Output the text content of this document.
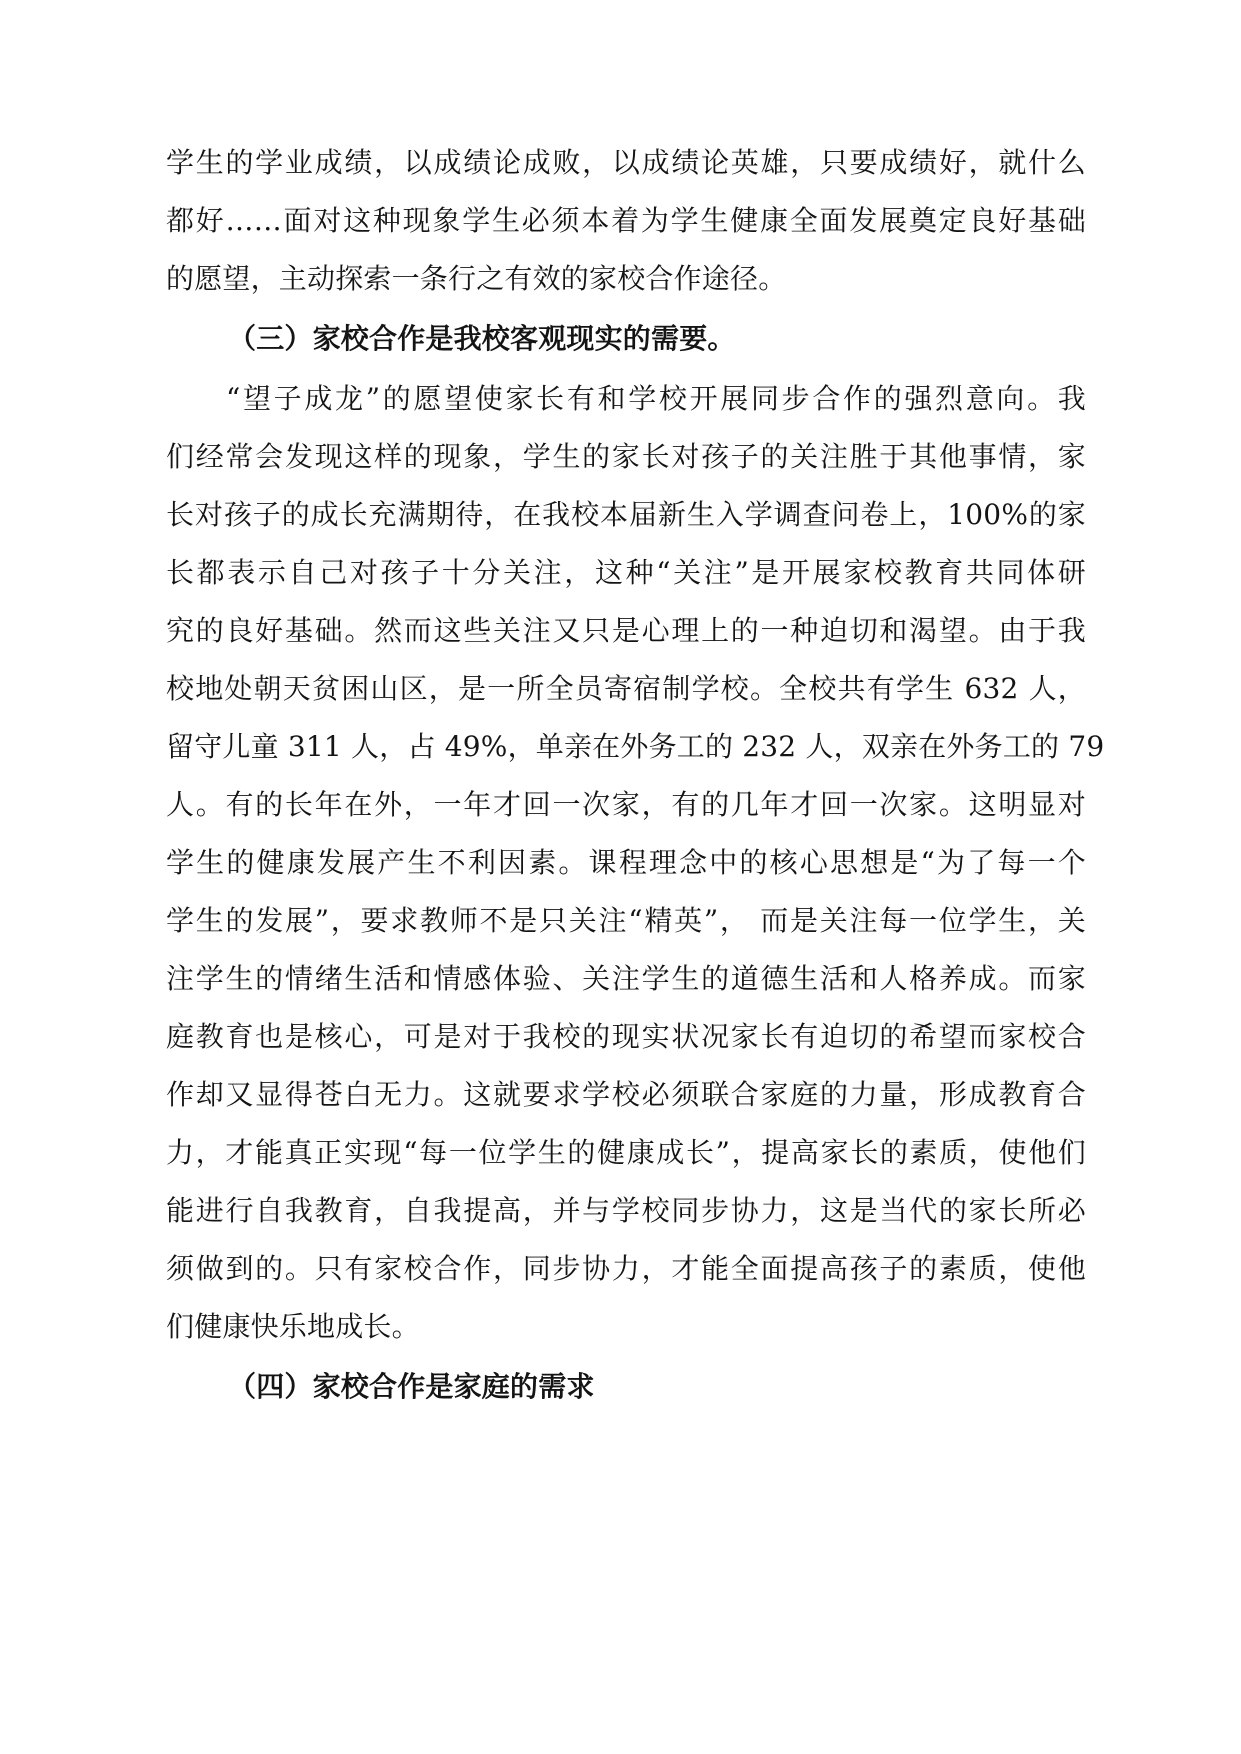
学生的学业成绩，以成绩论成败，以成绩论英雄，只要成绩好，就什么
都好……面对这种现象学生必须本着为学生健康全面发展奠定良好基础
的愿望，主动探索一条行之有效的家校合作途径。
（三）家校合作是我校客观现实的需要。
“望子成龙”的愿望使家长有和学校开展同步合作的强烈意向。我
们经常会发现这样的现象，学生的家长对孩子的关注胜于其他事情，家
长对孩子的成长充满期待，在我校本届新生入学调查问卷上，100%的家
长都表示自己对孩子十分关注，这种“关注”是开展家校教育共同体研
究的良好基础。然而这些关注又只是心理上的一种迫切和渴望。由于我
校地处朝天贫困山区，是一所全员寄宿制学校。全校共有学生 632 人，
留守儿童 311 人，占 49%，单亲在外务工的 232 人，双亲在外务工的 79
人。有的长年在外，一年才回一次家，有的几年才回一次家。这明显对
学生的健康发展产生不利因素。课程理念中的核心思想是“为了每一个
学生的发展”，要求教师不是只关注“精英”， 而是关注每一位学生，关
注学生的情绪生活和情感体验、关注学生的道德生活和人格养成。而家
庭教育也是核心，可是对于我校的现实状况家长有迫切的希望而家校合
作却又显得苍白无力。这就要求学校必须联合家庭的力量，形成教育合
力，才能真正实现“每一位学生的健康成长”，提高家长的素质，使他们
能进行自我教育，自我提高，并与学校同步协力，这是当代的家长所必
须做到的。只有家校合作，同步协力，才能全面提高孩子的素质，使他
们健康快乐地成长。
（四）家校合作是家庭的需求
